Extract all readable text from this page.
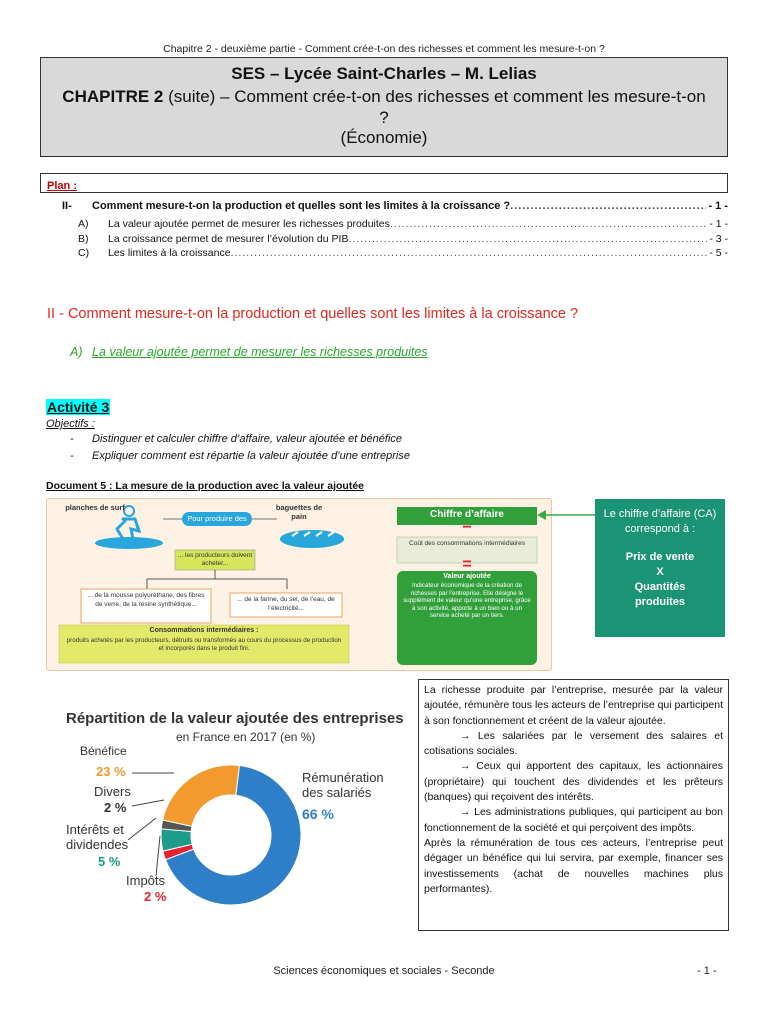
Chapitre 2 - deuxième partie - Comment crée-t-on des richesses et comment les mesure-t-on ?
SES – Lycée Saint-Charles – M. Lelias
CHAPITRE 2 (suite) – Comment crée-t-on des richesses et comment les mesure-t-on ?
(Économie)
Plan :
II-	Comment mesure-t-on la production et quelles sont les limites à la croissance ? .....	- 1 -
A)	La valeur ajoutée permet de mesurer les richesses produites .....	- 1 -
B)	La croissance permet de mesurer l’évolution du PIB .....	- 3 -
C)	Les limites à la croissance .....	- 5 -
II - Comment mesure-t-on la production et quelles sont les limites à la croissance ?
A) La valeur ajoutée permet de mesurer les richesses produites
Activité 3
Objectifs :
- Distinguer et calculer chiffre d’affaire, valeur ajoutée et bénéfice
- Expliquer comment est répartie la valeur ajoutée d’une entreprise
Document 5 : La mesure de la production avec la valeur ajoutée
planches de surf
Pour produire des
baguettes de pain
... les producteurs doivent acheter...
... de la mousse polyuréthane, des fibres de verre, de la résine synthétique...
... de la farine, du sel, de l’eau, de l’électricité...
Consommations intermédiaires :
produits achetés par les producteurs, détruits ou transformés au cours du processus de production et incorporés dans le produit fini.
Chiffre d’affaire
−
Coût des consommations intermédiaires
=
Valeur ajoutée
Indicateur économique de la création de richesses par l’entreprise. Elle désigne le supplément de valeur qu’une entreprise, grâce à son activité, apporte à un bien ou à un service acheté par un tiers.
Le chiffre d’affaire (CA) correspond à :
Prix de vente
X
Quantités produites
Répartition de la valeur ajoutée des entreprises
en France en 2017 (en %)
Bénéfice
23 %
Divers
2 %
Intérêts et dividendes
5 %
Impôts
2 %
Rémunération des salariés
66 %

La richesse produite par l’entreprise, mesurée par la valeur ajoutée, rémunère tous les acteurs de l’entreprise qui participent à son fonctionnement et créent de la valeur ajoutée.

→ Les salariées par le versement des salaires et cotisations sociales.

→ Ceux qui apportent des capitaux, les actionnaires (propriétaire) qui touchent des dividendes et les prêteurs (banques) qui reçoivent des intérêts.

→ Les administrations publiques, qui participent au bon fonctionnement de la société et qui perçoivent des impôts.

Après la rémunération de tous ces acteurs, l’entreprise peut dégager un bénéfice qui lui servira, par exemple, financer ses investissements (achat de nouvelles machines plus performantes).

Sciences économiques et sociales - Seconde	- 1 -
